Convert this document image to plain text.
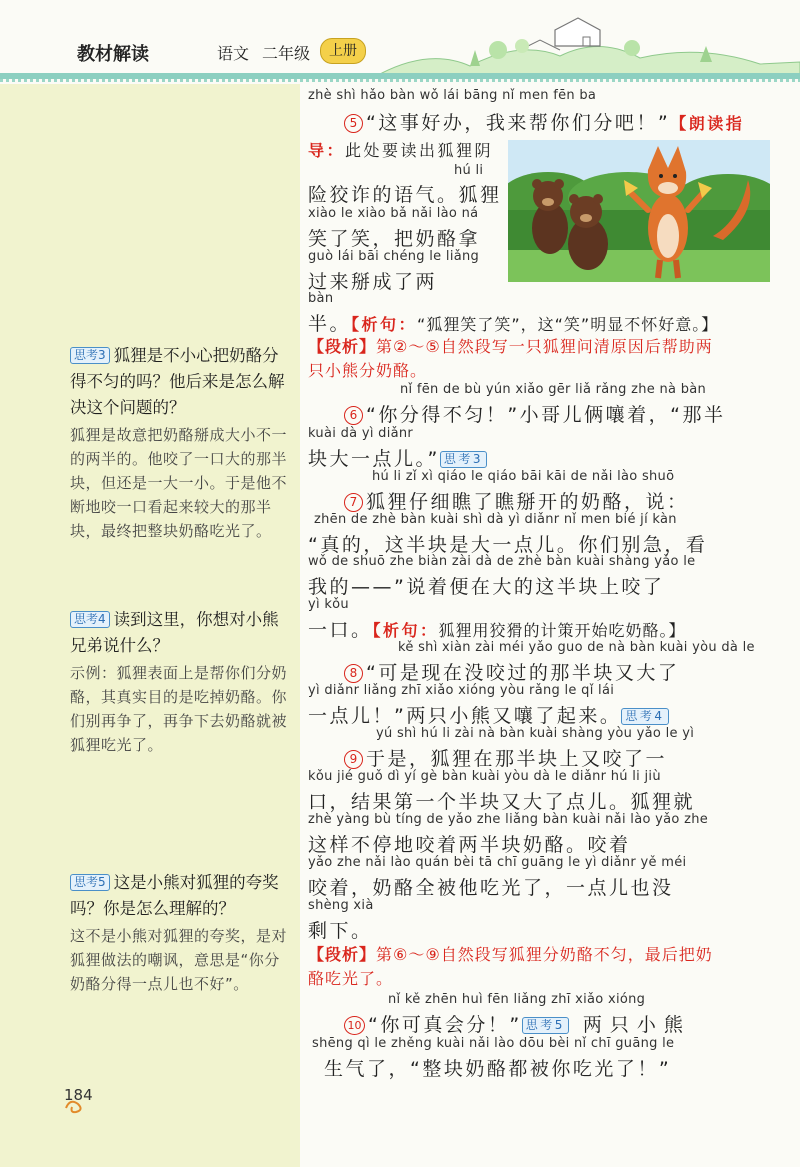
教材解读	语文 二年级	上册
思考3 狐狸是不小心把奶酪分得不匀的吗？他后来是怎么解决这个问题的？
狐狸是故意把奶酪掰成大小不一的两半的。他咬了一口大的那半块，但还是一大一小。于是他不断地咬一口看起来较大的那半块，最终把整块奶酪吃光了。
思考4 读到这里，你想对小熊兄弟说什么？
示例：狐狸表面上是帮你们分奶酪，其真实目的是吃掉奶酪。你们别再争了，再争下去奶酪就被狐狸吃光了。
思考5 这是小熊对狐狸的夸奖吗？你是怎么理解的？
这不是小熊对狐狸的夸奖，是对狐狸做法的嘲讽，意思是“你分奶酪分得一点儿也不好”。
184
zhè shì hǎo bàn wǒ lái bāng nǐ men fēn ba
5 “这事好办，我来帮你们分吧！”【朗读指
导：此处要读出狐狸阴
hú li
险狡诈的语气。狐狸
xiào le xiào bǎ nǎi lào ná
笑了笑，把奶酪拿
guò lái bāi chéng le liǎng
过来掰成了两
bàn
半。【析句：“狐狸笑了笑”，这“笑”明显不怀好意。】
【段析】第②～⑤自然段写一只狐狸问清原因后帮助两
只小熊分奶酪。
nǐ fēn de bù yún xiǎo gēr liǎ rǎng zhe nà bàn
6 “你分得不匀！”小哥儿俩嚷着，“那半
kuài dà yì diǎnr
块大一点儿。” 思考3
hú li zǐ xì qiáo le qiáo bāi kāi de nǎi lào shuō
7 狐狸仔细瞧了瞧掰开的奶酪，说：
zhēn de zhè bàn kuài shì dà yì diǎnr nǐ men bié jí kàn
“真的，这半块是大一点儿。你们别急，看
wǒ de shuō zhe biàn zài dà de zhè bàn kuài shàng yǎo le
我的——”说着便在大的这半块上咬了
yì kǒu
一口。【析句：狐狸用狡猾的计策开始吃奶酪。】
kě shì xiàn zài méi yǎo guo de nà bàn kuài yòu dà le
8 “可是现在没咬过的那半块又大了
yì diǎnr liǎng zhī xiǎo xióng yòu rǎng le qǐ lái
一点儿！”两只小熊又嚷了起来。 思考4
yú shì hú li zài nà bàn kuài shàng yòu yǎo le yì
9 于是，狐狸在那半块上又咬了一
kǒu jié guǒ dì yí gè bàn kuài yòu dà le diǎnr hú li jiù
口，结果第一个半块又大了点儿。狐狸就
zhè yàng bù tíng de yǎo zhe liǎng bàn kuài nǎi lào yǎo zhe
这样不停地咬着两半块奶酪。咬着
yǎo zhe nǎi lào quán bèi tā chī guāng le yì diǎnr yě méi
咬着，奶酪全被他吃光了，一点儿也没
shèng xià
剩下。
【段析】第⑥～⑨自然段写狐狸分奶酪不匀，最后把奶
酪吃光了。
nǐ kě zhēn huì fēn liǎng zhī xiǎo xióng
10 “你可真会分！” 思考5 两只小熊
shēng qì le zhěng kuài nǎi lào dōu bèi nǐ chī guāng le
生气了，“整块奶酪都被你吃光了！”
